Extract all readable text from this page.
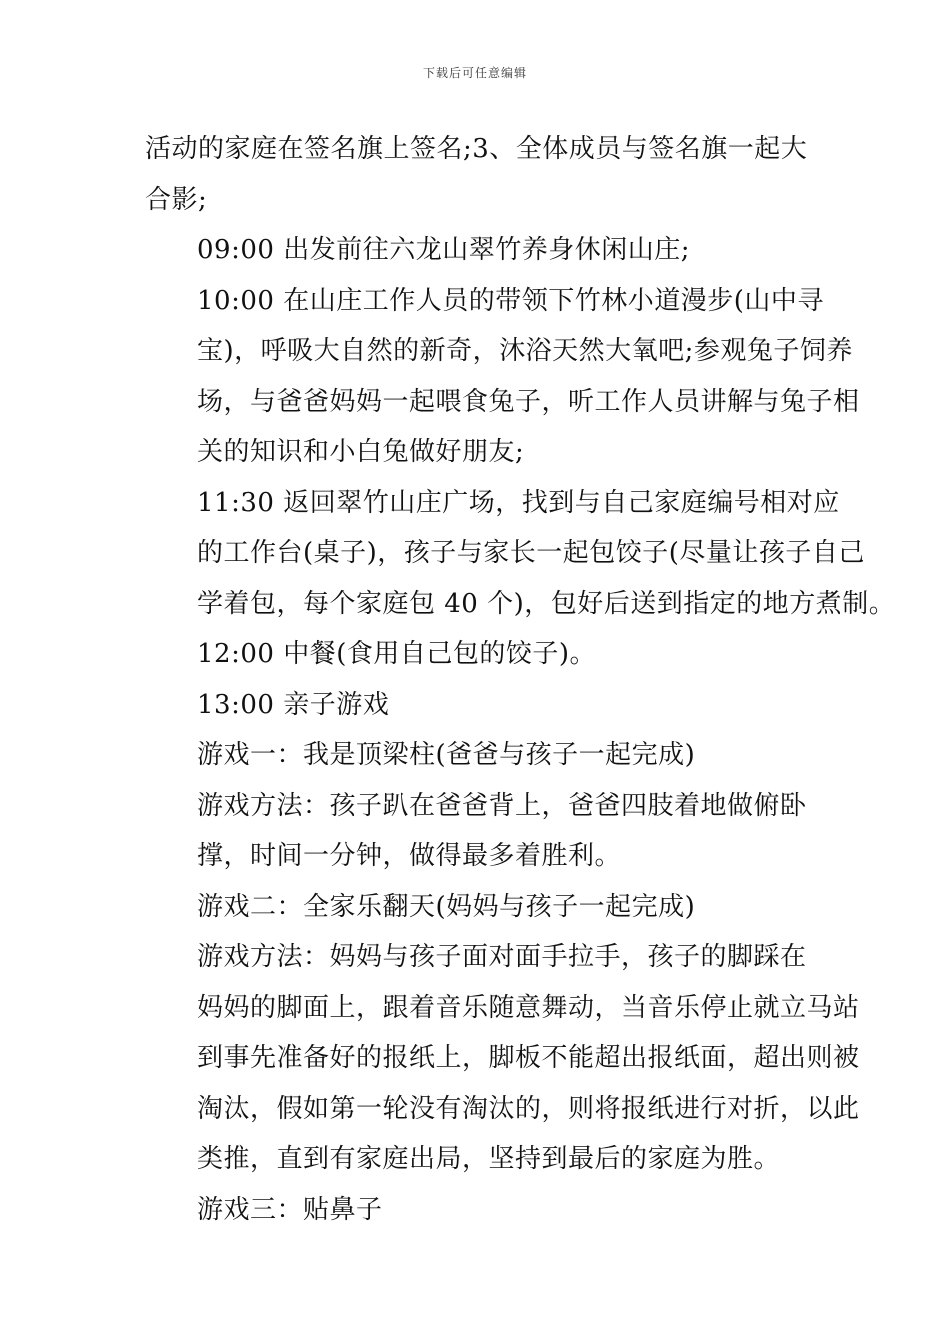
下载后可任意编辑

活动的家庭在签名旗上签名;3、全体成员与签名旗一起大
合影;

09:00 出发前往六龙山翠竹养身休闲山庄;

10:00 在山庄工作人员的带领下竹林小道漫步(山中寻
宝)，呼吸大自然的新奇，沐浴天然大氧吧;参观兔子饲养
场，与爸爸妈妈一起喂食兔子，听工作人员讲解与兔子相
关的知识和小白兔做好朋友;

11:30 返回翠竹山庄广场，找到与自己家庭编号相对应
的工作台(桌子)，孩子与家长一起包饺子(尽量让孩子自己
学着包，每个家庭包 40 个)，包好后送到指定的地方煮制。

12:00 中餐(食用自己包的饺子)。

13:00 亲子游戏

游戏一：我是顶梁柱(爸爸与孩子一起完成)

游戏方法：孩子趴在爸爸背上，爸爸四肢着地做俯卧
撑，时间一分钟，做得最多着胜利。

游戏二：全家乐翻天(妈妈与孩子一起完成)

游戏方法：妈妈与孩子面对面手拉手，孩子的脚踩在
妈妈的脚面上，跟着音乐随意舞动，当音乐停止就立马站
到事先准备好的报纸上，脚板不能超出报纸面，超出则被
淘汰，假如第一轮没有淘汰的，则将报纸进行对折，以此
类推，直到有家庭出局，坚持到最后的家庭为胜。

游戏三：贴鼻子
